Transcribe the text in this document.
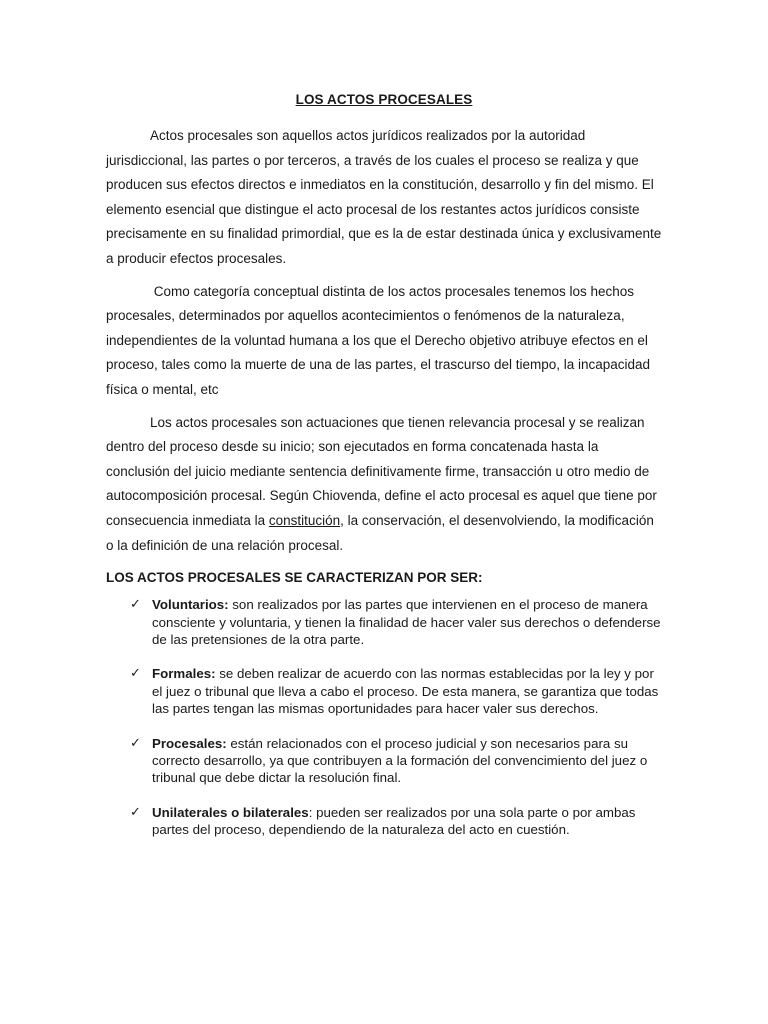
LOS ACTOS PROCESALES

Actos procesales son aquellos actos jurídicos realizados por la autoridad jurisdiccional, las partes o por terceros, a través de los cuales el proceso se realiza y que producen sus efectos directos e inmediatos en la constitución, desarrollo y fin del mismo. El elemento esencial que distingue el acto procesal de los restantes actos jurídicos consiste precisamente en su finalidad primordial, que es la de estar destinada única y exclusivamente a producir efectos procesales.

Como categoría conceptual distinta de los actos procesales tenemos los hechos procesales, determinados por aquellos acontecimientos o fenómenos de la naturaleza, independientes de la voluntad humana a los que el Derecho objetivo atribuye efectos en el proceso, tales como la muerte de una de las partes, el trascurso del tiempo, la incapacidad física o mental, etc

Los actos procesales son actuaciones que tienen relevancia procesal y se realizan dentro del proceso desde su inicio; son ejecutados en forma concatenada hasta la conclusión del juicio mediante sentencia definitivamente firme, transacción u otro medio de autocomposición procesal. Según Chiovenda, define el acto procesal es aquel que tiene por consecuencia inmediata la constitución, la conservación, el desenvolviendo, la modificación o la definición de una relación procesal.

LOS ACTOS PROCESALES SE CARACTERIZAN POR SER:
✓ Voluntarios: son realizados por las partes que intervienen en el proceso de manera consciente y voluntaria, y tienen la finalidad de hacer valer sus derechos o defenderse de las pretensiones de la otra parte.
✓ Formales: se deben realizar de acuerdo con las normas establecidas por la ley y por el juez o tribunal que lleva a cabo el proceso. De esta manera, se garantiza que todas las partes tengan las mismas oportunidades para hacer valer sus derechos.
✓ Procesales: están relacionados con el proceso judicial y son necesarios para su correcto desarrollo, ya que contribuyen a la formación del convencimiento del juez o tribunal que debe dictar la resolución final.
✓ Unilaterales o bilaterales: pueden ser realizados por una sola parte o por ambas partes del proceso, dependiendo de la naturaleza del acto en cuestión.
